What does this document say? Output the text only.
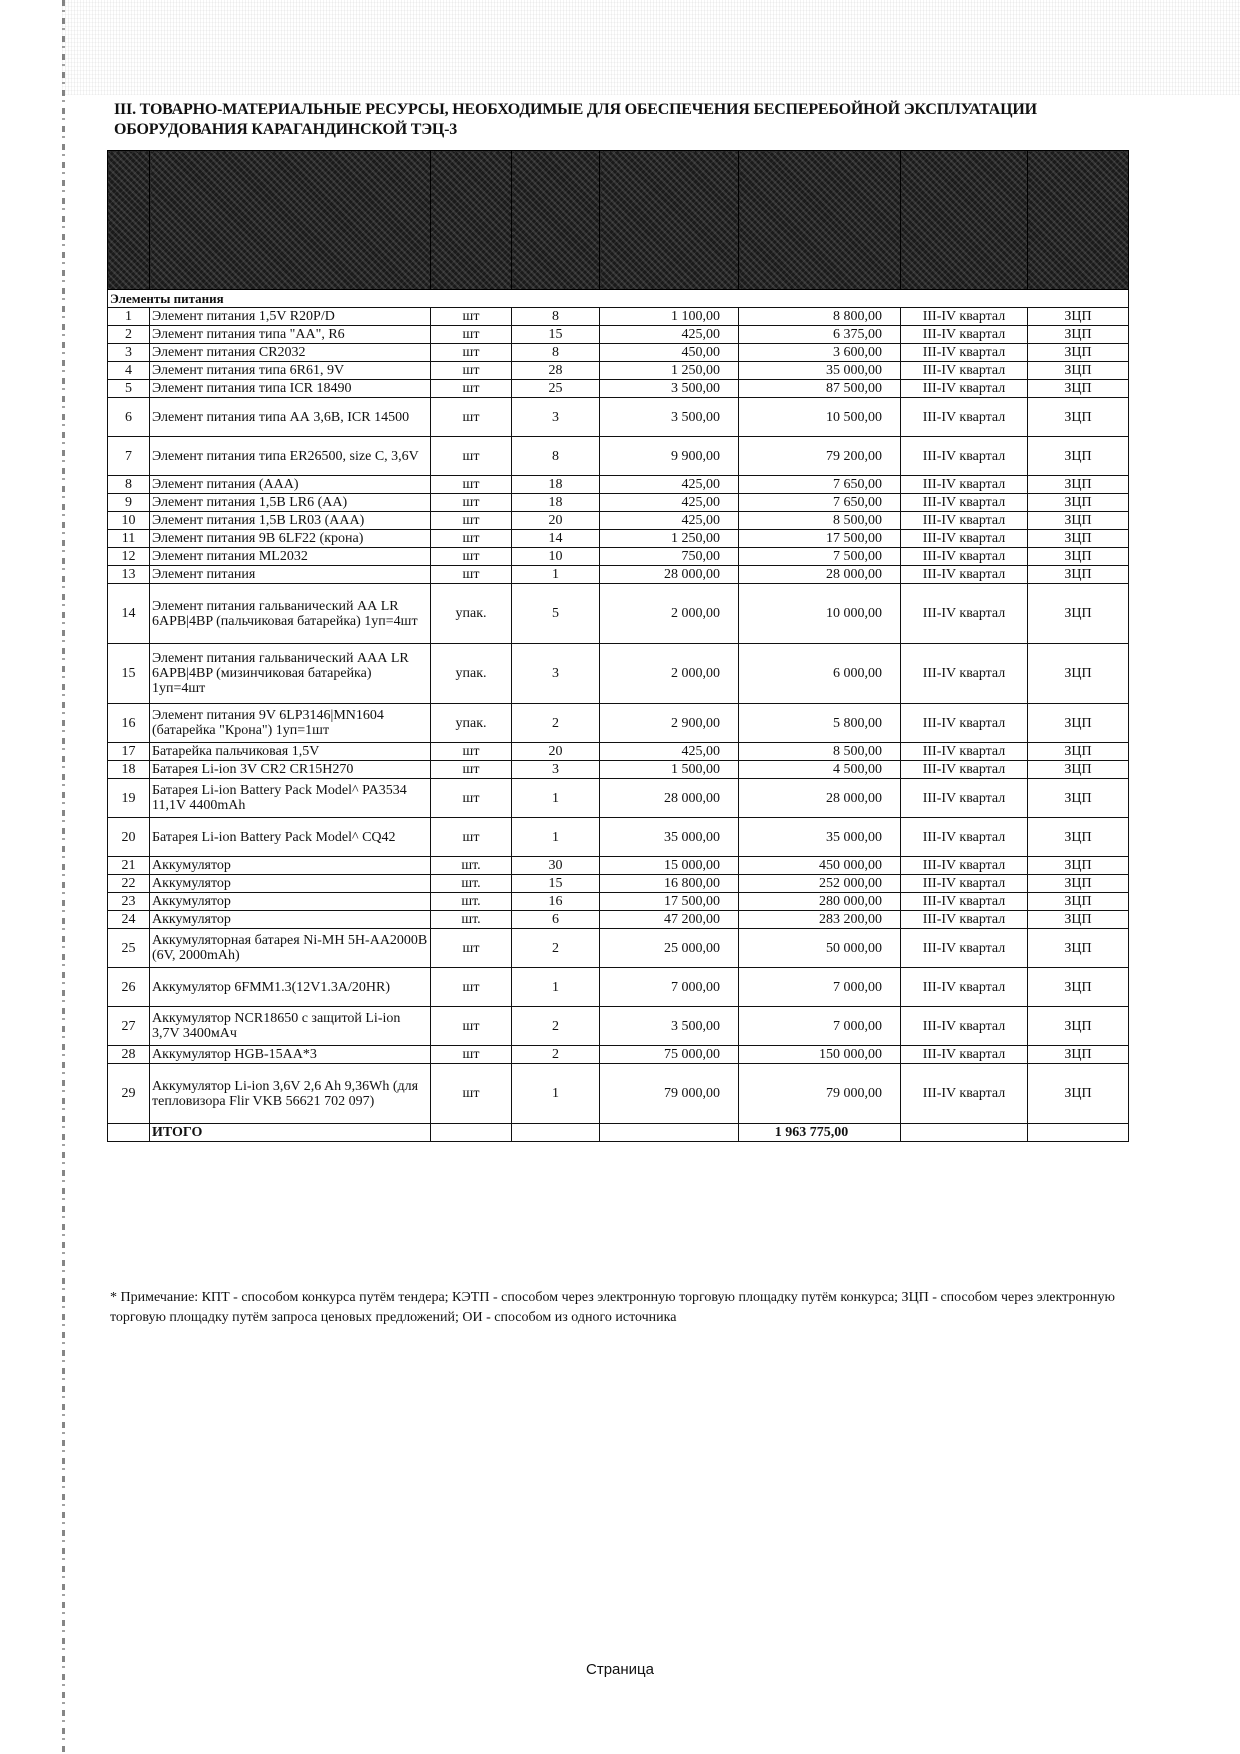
III. ТОВАРНО-МАТЕРИАЛЬНЫЕ РЕСУРСЫ, НЕОБХОДИМЫЕ ДЛЯ ОБЕСПЕЧЕНИЯ БЕСПЕРЕБОЙНОЙ ЭКСПЛУАТАЦИИ ОБОРУДОВАНИЯ КАРАГАНДИНСКОЙ ТЭЦ-3

Элементы питания							
1	Элемент питания 1,5V R20P/D	шт	8	1 100,00	8 800,00	III-IV квартал	ЗЦП
2	Элемент питания типа "АА", R6	шт	15	425,00	6 375,00	III-IV квартал	ЗЦП
3	Элемент питания CR2032	шт	8	450,00	3 600,00	III-IV квартал	ЗЦП
4	Элемент питания типа 6R61, 9V	шт	28	1 250,00	35 000,00	III-IV квартал	ЗЦП
5	Элемент питания типа ICR 18490	шт	25	3 500,00	87 500,00	III-IV квартал	ЗЦП
6	Элемент питания типа АА 3,6В, ICR 14500	шт	3	3 500,00	10 500,00	III-IV квартал	ЗЦП
7	Элемент питания типа ER26500, size C, 3,6V	шт	8	9 900,00	79 200,00	III-IV квартал	ЗЦП
8	Элемент питания (ААА)	шт	18	425,00	7 650,00	III-IV квартал	ЗЦП
9	Элемент питания 1,5В LR6 (АА)	шт	18	425,00	7 650,00	III-IV квартал	ЗЦП
10	Элемент питания 1,5В LR03 (ААА)	шт	20	425,00	8 500,00	III-IV квартал	ЗЦП
11	Элемент питания 9В 6LF22 (крона)	шт	14	1 250,00	17 500,00	III-IV квартал	ЗЦП
12	Элемент питания ML2032	шт	10	750,00	7 500,00	III-IV квартал	ЗЦП
13	Элемент питания	шт	1	28 000,00	28 000,00	III-IV квартал	ЗЦП
14	Элемент питания гальванический АА LR 6APB|4BP (пальчиковая батарейка) 1уп=4шт	упак.	5	2 000,00	10 000,00	III-IV квартал	ЗЦП
15	Элемент питания гальванический ААА LR 6APB|4BP (мизинчиковая батарейка) 1уп=4шт	упак.	3	2 000,00	6 000,00	III-IV квартал	ЗЦП
16	Элемент питания 9V 6LP3146|MN1604 (батарейка "Крона") 1уп=1шт	упак.	2	2 900,00	5 800,00	III-IV квартал	ЗЦП
17	Батарейка пальчиковая 1,5V	шт	20	425,00	8 500,00	III-IV квартал	ЗЦП
18	Батарея Li-ion 3V CR2 CR15H270	шт	3	1 500,00	4 500,00	III-IV квартал	ЗЦП
19	Батарея Li-ion Battery Pack Model^ PA3534 11,1V 4400mAh	шт	1	28 000,00	28 000,00	III-IV квартал	ЗЦП
20	Батарея Li-ion Battery Pack Model^ CQ42	шт	1	35 000,00	35 000,00	III-IV квартал	ЗЦП
21	Аккумулятор	шт.	30	15 000,00	450 000,00	III-IV квартал	ЗЦП
22	Аккумулятор	шт.	15	16 800,00	252 000,00	III-IV квартал	ЗЦП
23	Аккумулятор	шт.	16	17 500,00	280 000,00	III-IV квартал	ЗЦП
24	Аккумулятор	шт.	6	47 200,00	283 200,00	III-IV квартал	ЗЦП
25	Аккумуляторная батарея Ni-MH 5H-AA2000B (6V, 2000mAh)	шт	2	25 000,00	50 000,00	III-IV квартал	ЗЦП
26	Аккумулятор 6FMM1.3(12V1.3A/20HR)	шт	1	7 000,00	7 000,00	III-IV квартал	ЗЦП
27	Аккумулятор NCR18650 с защитой Li-ion 3,7V 3400мАч	шт	2	3 500,00	7 000,00	III-IV квартал	ЗЦП
28	Аккумулятор HGB-15AA*3	шт	2	75 000,00	150 000,00	III-IV квартал	ЗЦП
29	Аккумулятор Li-ion 3,6V 2,6 Ah 9,36Wh (для тепловизора Flir VKB 56621 702 097)	шт	1	79 000,00	79 000,00	III-IV квартал	ЗЦП
	ИТОГО				1 963 775,00		
* Примечание: КПТ - способом конкурса путём тендера; КЭТП - способом через электронную торговую площадку путём конкурса; ЗЦП - способом через электронную торговую площадку путём запроса ценовых предложений; ОИ - способом из одного источника
Страница
